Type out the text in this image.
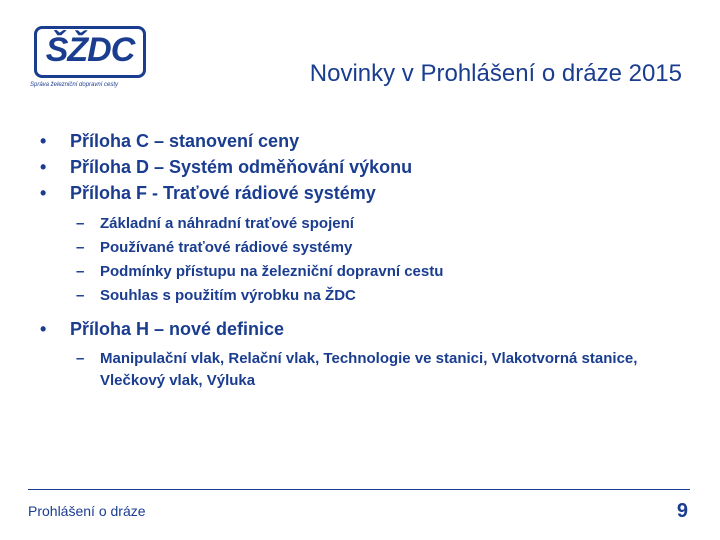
ŠŽDC
Správa železniční dopravní cesty	Novinky v Prohlášení o dráze 2015
• Příloha C – stanovení ceny
• Příloha D – Systém odměňování výkonu
• Příloha F - Traťové rádiové systémy
– Základní a náhradní traťové spojení
– Používané traťové rádiové systémy
– Podmínky přístupu na železniční dopravní cestu
– Souhlas s použitím výrobku na ŽDC
• Příloha H – nové definice
– Manipulační vlak, Relační vlak, Technologie ve stanici, Vlakotvorná stanice, Vlečkový vlak, Výluka
Prohlášení o dráze	9
